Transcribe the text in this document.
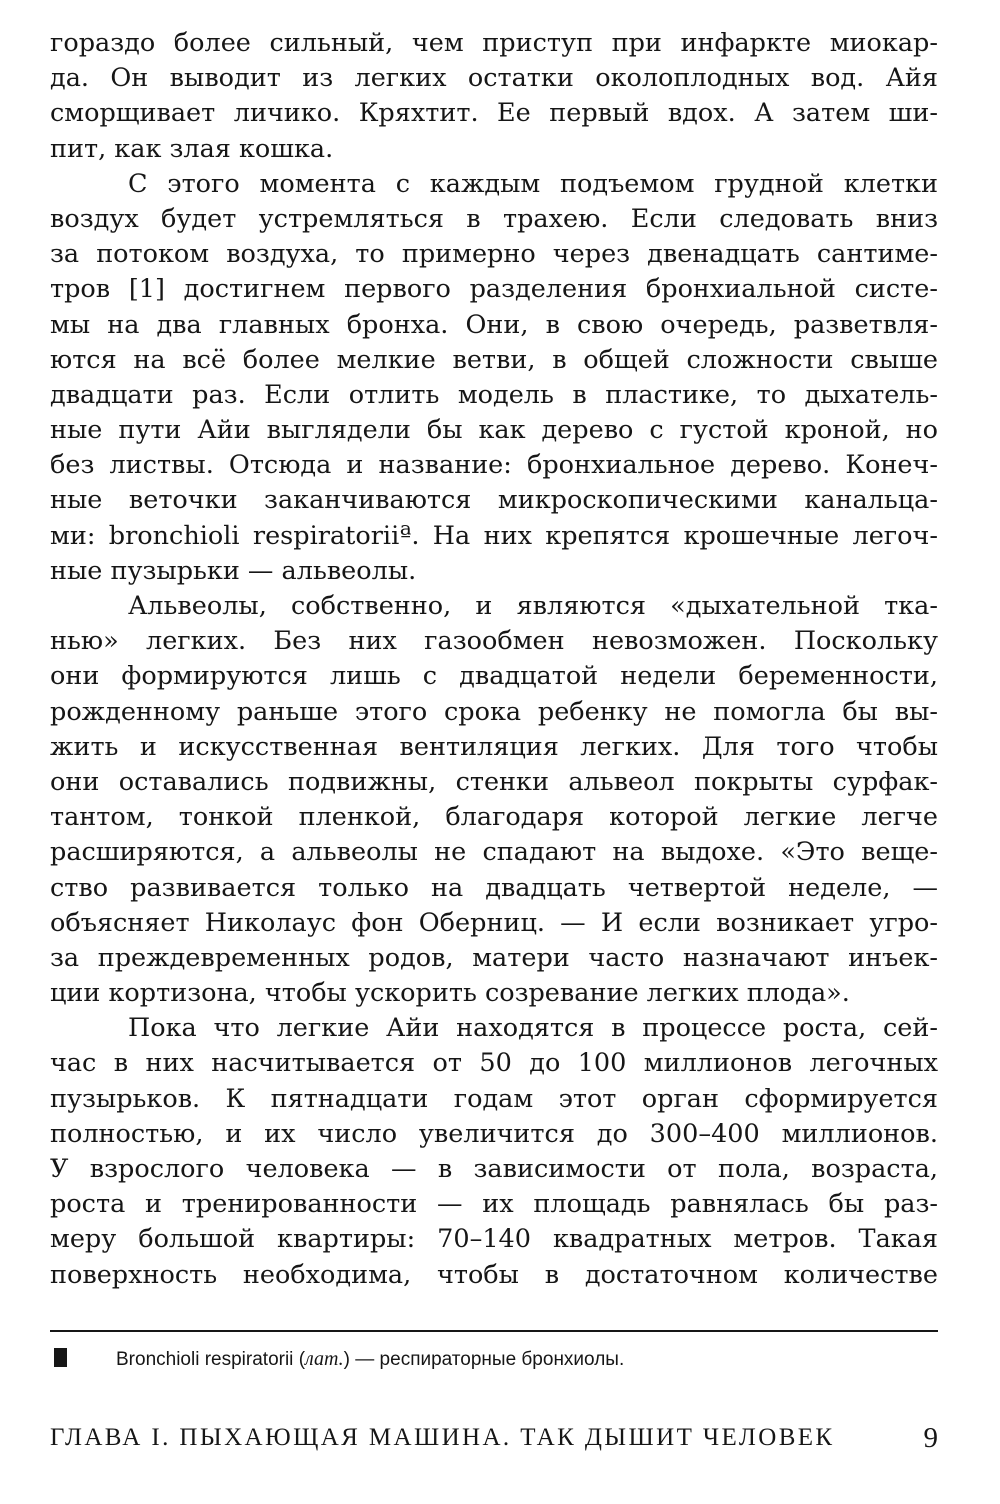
гораздо более сильный, чем приступ при инфаркте миокар-
да. Он выводит из легких остатки околоплодных вод. Айя
сморщивает личико. Кряхтит. Ее первый вдох. А затем ши-
пит, как злая кошка.
С этого момента с каждым подъемом грудной клетки
воздух будет устремляться в трахею. Если следовать вниз
за потоком воздуха, то примерно через двенадцать сантиме-
тров [1] достигнем первого разделения бронхиальной систе-
мы на два главных бронха. Они, в свою очередь, разветвля-
ются на всё более мелкие ветви, в общей сложности свыше
двадцати раз. Если отлить модель в пластике, то дыхатель-
ные пути Айи выглядели бы как дерево с густой кроной, но
без листвы. Отсюда и название: бронхиальное дерево. Конеч-
ные веточки заканчиваются микроскопическими канальца-
ми: bronchioli respiratoriiª. На них крепятся крошечные легоч-
ные пузырьки — альвеолы.
Альвеолы, собственно, и являются «дыхательной тка-
нью» легких. Без них газообмен невозможен. Поскольку
они формируются лишь с двадцатой недели беременности,
рожденному раньше этого срока ребенку не помогла бы вы-
жить и искусственная вентиляция легких. Для того чтобы
они оставались подвижны, стенки альвеол покрыты сурфак-
тантом, тонкой пленкой, благодаря которой легкие легче
расширяются, а альвеолы не спадают на выдохе. «Это веще-
ство развивается только на двадцать четвертой неделе, —
объясняет Николаус фон Оберниц. — И если возникает угро-
за преждевременных родов, матери часто назначают инъек-
ции кортизона, чтобы ускорить созревание легких плода».
Пока что легкие Айи находятся в процессе роста, сей-
час в них насчитывается от 50 до 100 миллионов легочных
пузырьков. К пятнадцати годам этот орган сформируется
полностью, и их число увеличится до 300–400 миллионов.
У взрослого человека — в зависимости от пола, возраста,
роста и тренированности — их площадь равнялась бы раз-
меру большой квартиры: 70–140 квадратных метров. Такая
поверхность необходима, чтобы в достаточном количестве
Bronchioli respiratorii (лат.) — респираторные бронхиолы.
ГЛАВА I. ПЫХАЮЩАЯ МАШИНА. ТАК ДЫШИТ ЧЕЛОВЕК	9
